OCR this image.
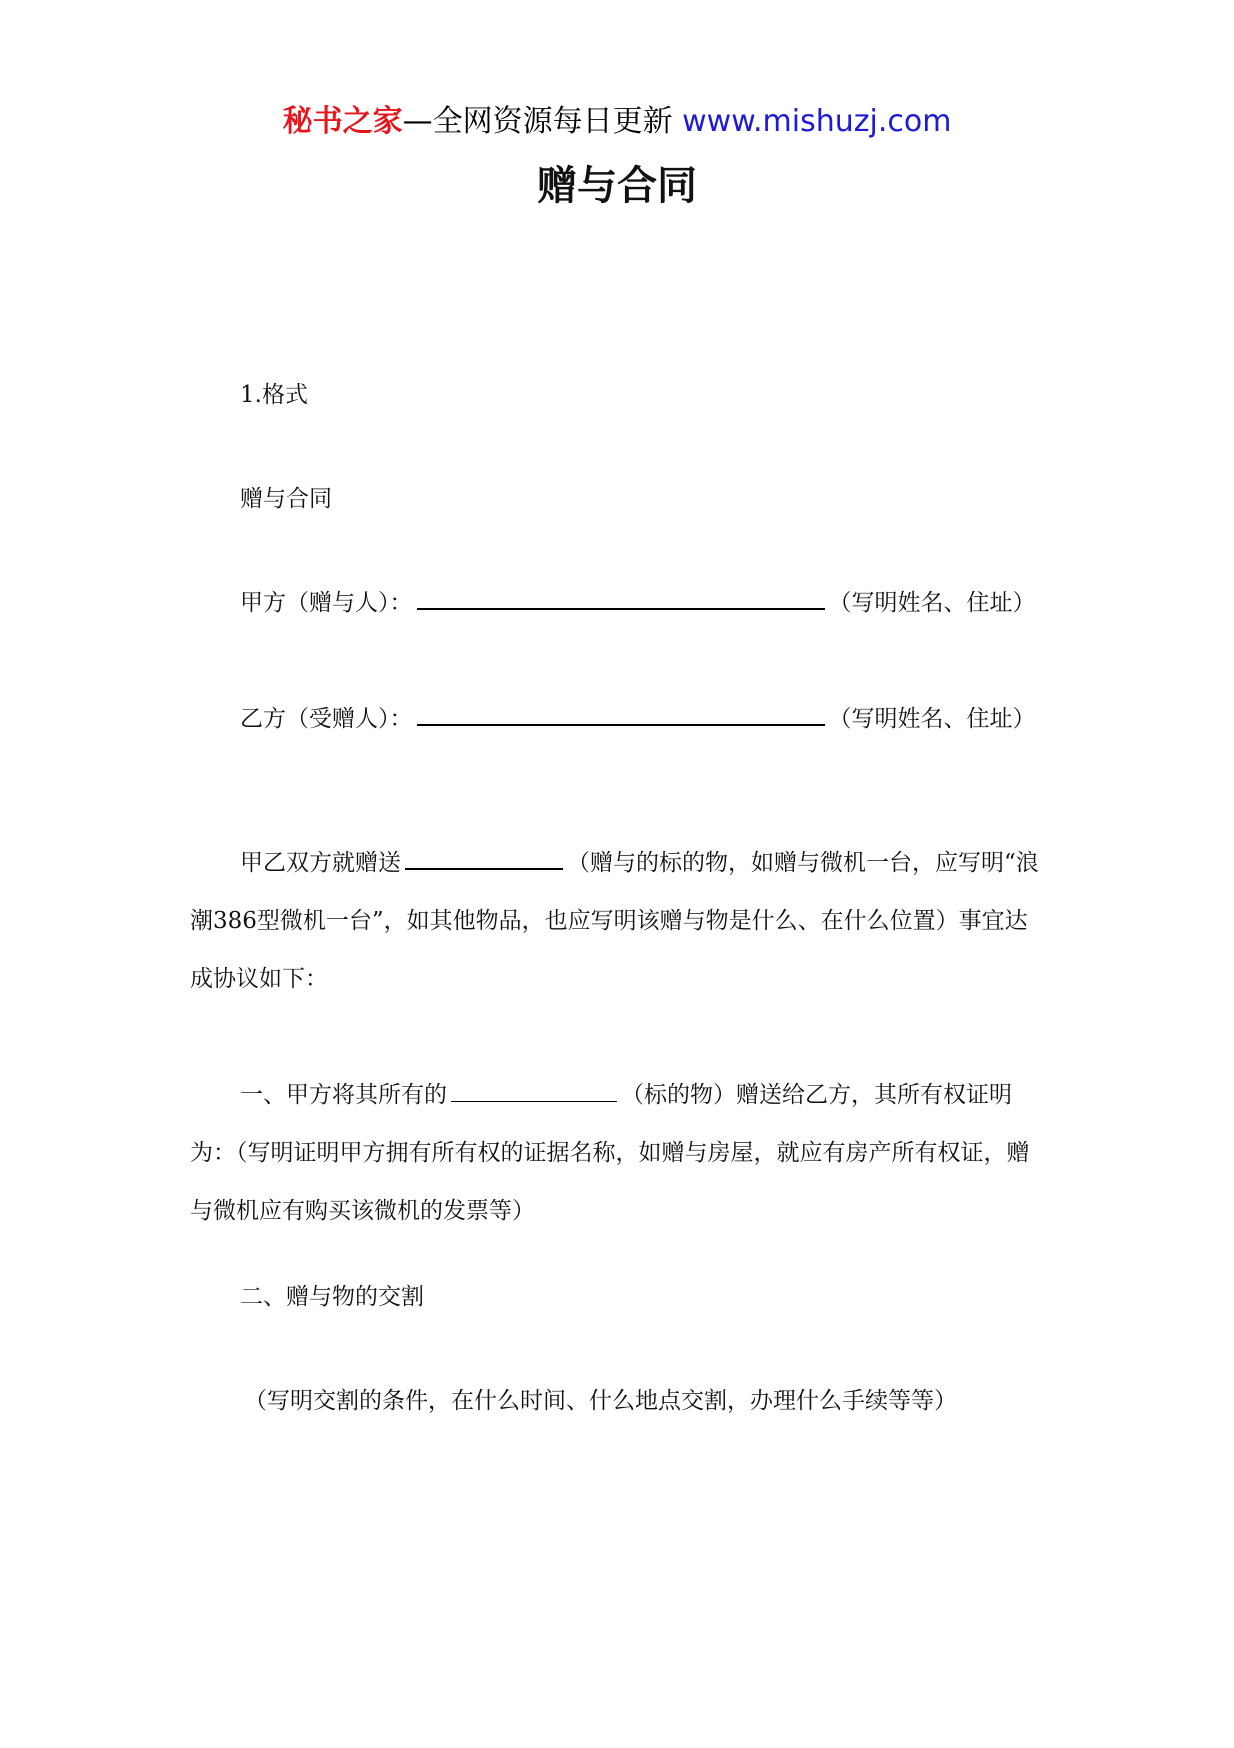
秘书之家—全网资源每日更新 www.mishuzj.com
赠与合同

1.格式

赠与合同

甲方（赠与人）：	（写明姓名、住址）

乙方（受赠人）：	（写明姓名、住址）

甲乙双方就赠送	（赠与的标的物，如赠与微机一台，应写明“浪潮386型微机一台”，如其他物品，也应写明该赠与物是什么、在什么位置）事宜达成协议如下：

一、甲方将其所有的	（标的物）赠送给乙方，其所有权证明为：（写明证明甲方拥有所有权的证据名称，如赠与房屋，就应有房产所有权证，赠与微机应有购买该微机的发票等）

二、赠与物的交割

（写明交割的条件，在什么时间、什么地点交割，办理什么手续等等）
